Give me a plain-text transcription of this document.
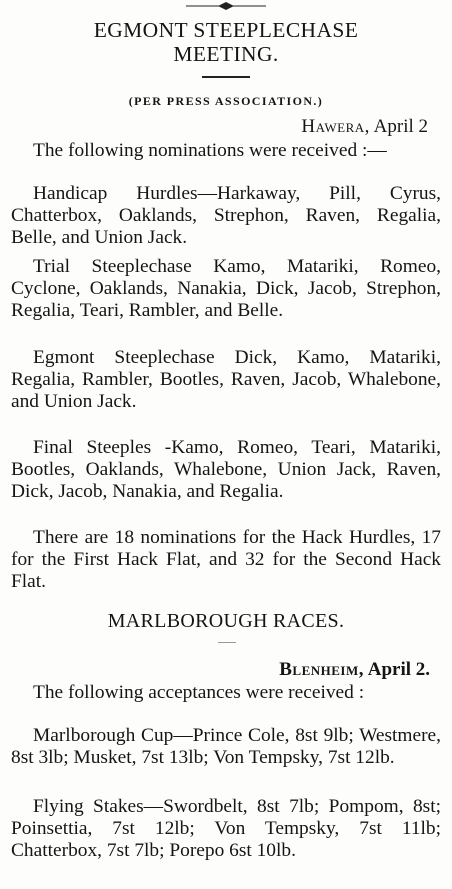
EGMONT STEEPLECHASE
MEETING.
(PER PRESS ASSOCIATION.)
Hawera, April 2

The following nominations were received :—

Handicap Hurdles—Harkaway, Pill, Cyrus, Chatterbox, Oaklands, Strephon, Raven, Regalia, Belle, and Union Jack.

Trial Steeplechase Kamo, Matariki, Romeo, Cyclone, Oaklands, Nanakia, Dick, Jacob, Strephon, Regalia, Teari, Rambler, and Belle.

Egmont Steeplechase Dick, Kamo, Matariki, Regalia, Rambler, Bootles, Raven, Jacob, Whalebone, and Union Jack.

Final Steeples -Kamo, Romeo, Teari, Matariki, Bootles, Oaklands, Whalebone, Union Jack, Raven, Dick, Jacob, Nanakia, and Regalia.

There are 18 nominations for the Hack Hurdles, 17 for the First Hack Flat, and 32 for the Second Hack Flat.

MARLBOROUGH RACES.
Blenheim, April 2.

The following acceptances were received :

Marlborough Cup—Prince Cole, 8st 9lb; Westmere, 8st 3lb; Musket, 7st 13lb; Von Tempsky, 7st 12lb.

Flying Stakes—Swordbelt, 8st 7lb; Pompom, 8st; Poinsettia, 7st 12lb; Von Tempsky, 7st 11lb; Chatterbox, 7st 7lb; Porepo 6st 10lb.
